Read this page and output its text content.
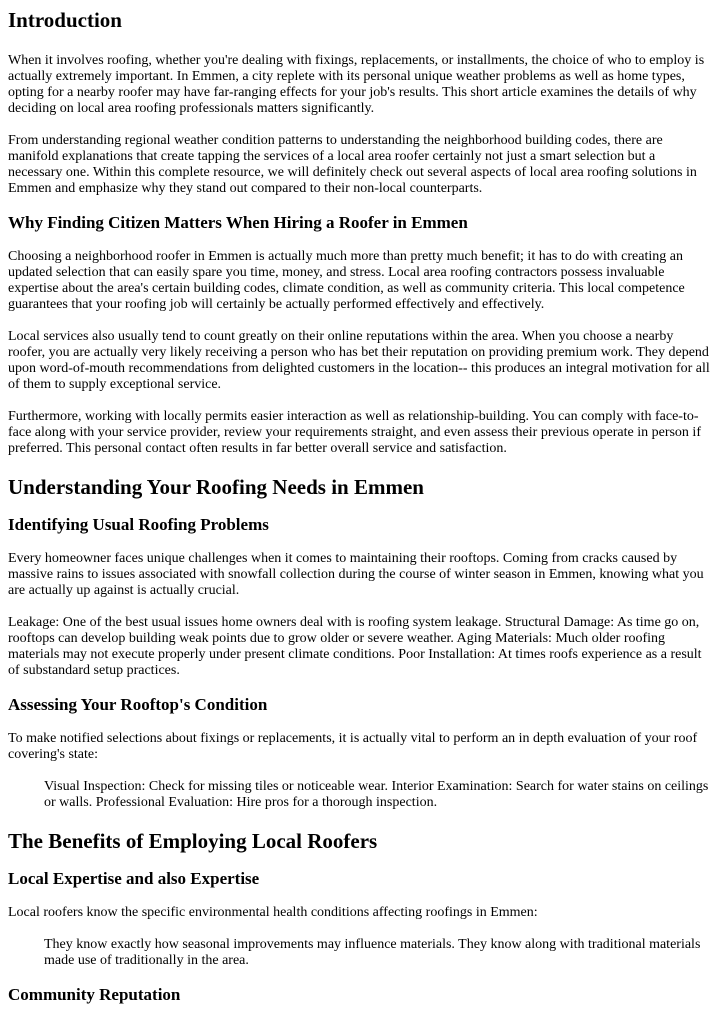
Introduction

When it involves roofing, whether you're dealing with fixings, replacements, or installments, the choice of who to employ is actually extremely important. In Emmen, a city replete with its personal unique weather problems as well as home types, opting for a nearby roofer may have far-ranging effects for your job's results. This short article examines the details of why deciding on local area roofing professionals matters significantly.

From understanding regional weather condition patterns to understanding the neighborhood building codes, there are manifold explanations that create tapping the services of a local area roofer certainly not just a smart selection but a necessary one. Within this complete resource, we will definitely check out several aspects of local area roofing solutions in Emmen and emphasize why they stand out compared to their non-local counterparts.

Why Finding Citizen Matters When Hiring a Roofer in Emmen

Choosing a neighborhood roofer in Emmen is actually much more than pretty much benefit; it has to do with creating an updated selection that can easily spare you time, money, and stress. Local area roofing contractors possess invaluable expertise about the area's certain building codes, climate condition, as well as community criteria. This local competence guarantees that your roofing job will certainly be actually performed effectively and effectively.

Local services also usually tend to count greatly on their online reputations within the area. When you choose a nearby roofer, you are actually very likely receiving a person who has bet their reputation on providing premium work. They depend upon word-of-mouth recommendations from delighted customers in the location-- this produces an integral motivation for all of them to supply exceptional service.

Furthermore, working with locally permits easier interaction as well as relationship-building. You can comply with face-to-face along with your service provider, review your requirements straight, and even assess their previous operate in person if preferred. This personal contact often results in far better overall service and satisfaction.

Understanding Your Roofing Needs in Emmen
Identifying Usual Roofing Problems

Every homeowner faces unique challenges when it comes to maintaining their rooftops. Coming from cracks caused by massive rains to issues associated with snowfall collection during the course of winter season in Emmen, knowing what you are actually up against is actually crucial.

Leakage: One of the best usual issues home owners deal with is roofing system leakage. Structural Damage: As time go on, rooftops can develop building weak points due to grow older or severe weather. Aging Materials: Much older roofing materials may not execute properly under present climate conditions. Poor Installation: At times roofs experience as a result of substandard setup practices.

Assessing Your Rooftop's Condition

To make notified selections about fixings or replacements, it is actually vital to perform an in depth evaluation of your roof covering's state:

Visual Inspection: Check for missing tiles or noticeable wear. Interior Examination: Search for water stains on ceilings or walls. Professional Evaluation: Hire pros for a thorough inspection.
The Benefits of Employing Local Roofers
Local Expertise and also Expertise

Local roofers know the specific environmental health conditions affecting roofings in Emmen:

They know exactly how seasonal improvements may influence materials. They know along with traditional materials made use of traditionally in the area.
Community Reputation
